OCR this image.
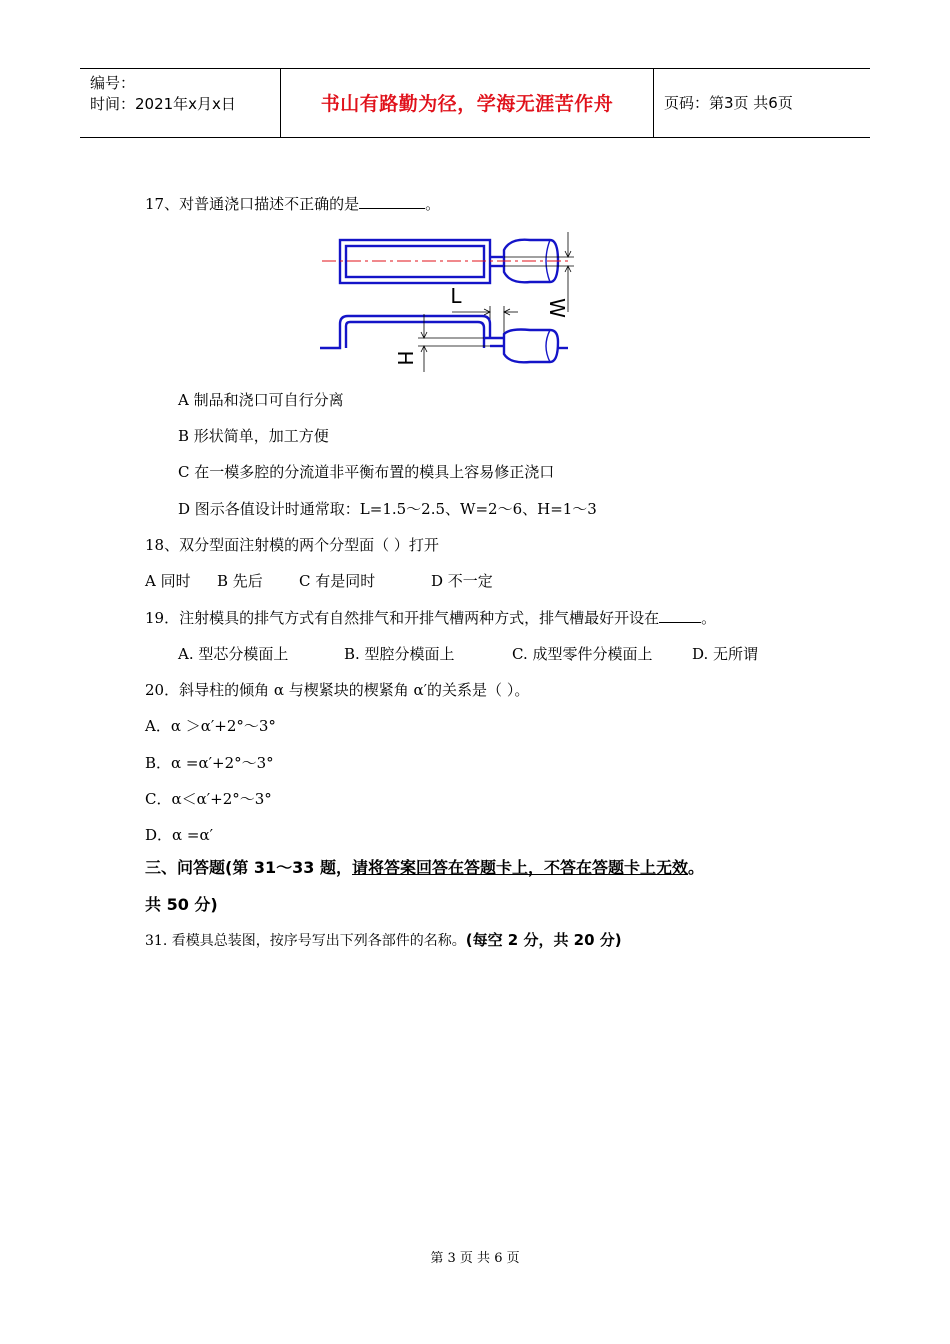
编号：
时间：2021年x月x日	书山有路勤为径，学海无涯苦作舟	页码：第3页 共6页
17、对普通浇口描述不正确的是	。
W
L
H
A 制品和浇口可自行分离
B 形状简单，加工方便
C 在一模多腔的分流道非平衡布置的模具上容易修正浇口
D 图示各值设计时通常取：L=1.5～2.5、W=2～6、H=1～3
18、双分型面注射模的两个分型面（ ）打开
A 同时 B 先后 C 有是同时	D 不一定
19．注射模具的排气方式有自然排气和开排气槽两种方式，排气槽最好开设在	。
A. 型芯分模面上	B. 型腔分模面上	C. 成型零件分模面上	D. 无所谓
20．斜导柱的倾角 α 与楔紧块的楔紧角 α′的关系是（ ）。
A．α ＞α′+2°～3°
B．α =α′+2°～3°
C．α＜α′+2°～3°
D．α =α′
三、问答题(第 31～33 题，请将答案回答在答题卡上，不答在答题卡上无效。
共 50 分)
31. 看模具总装图，按序号写出下列各部件的名称。(每空 2 分，共 20 分)
第 3 页 共 6 页
